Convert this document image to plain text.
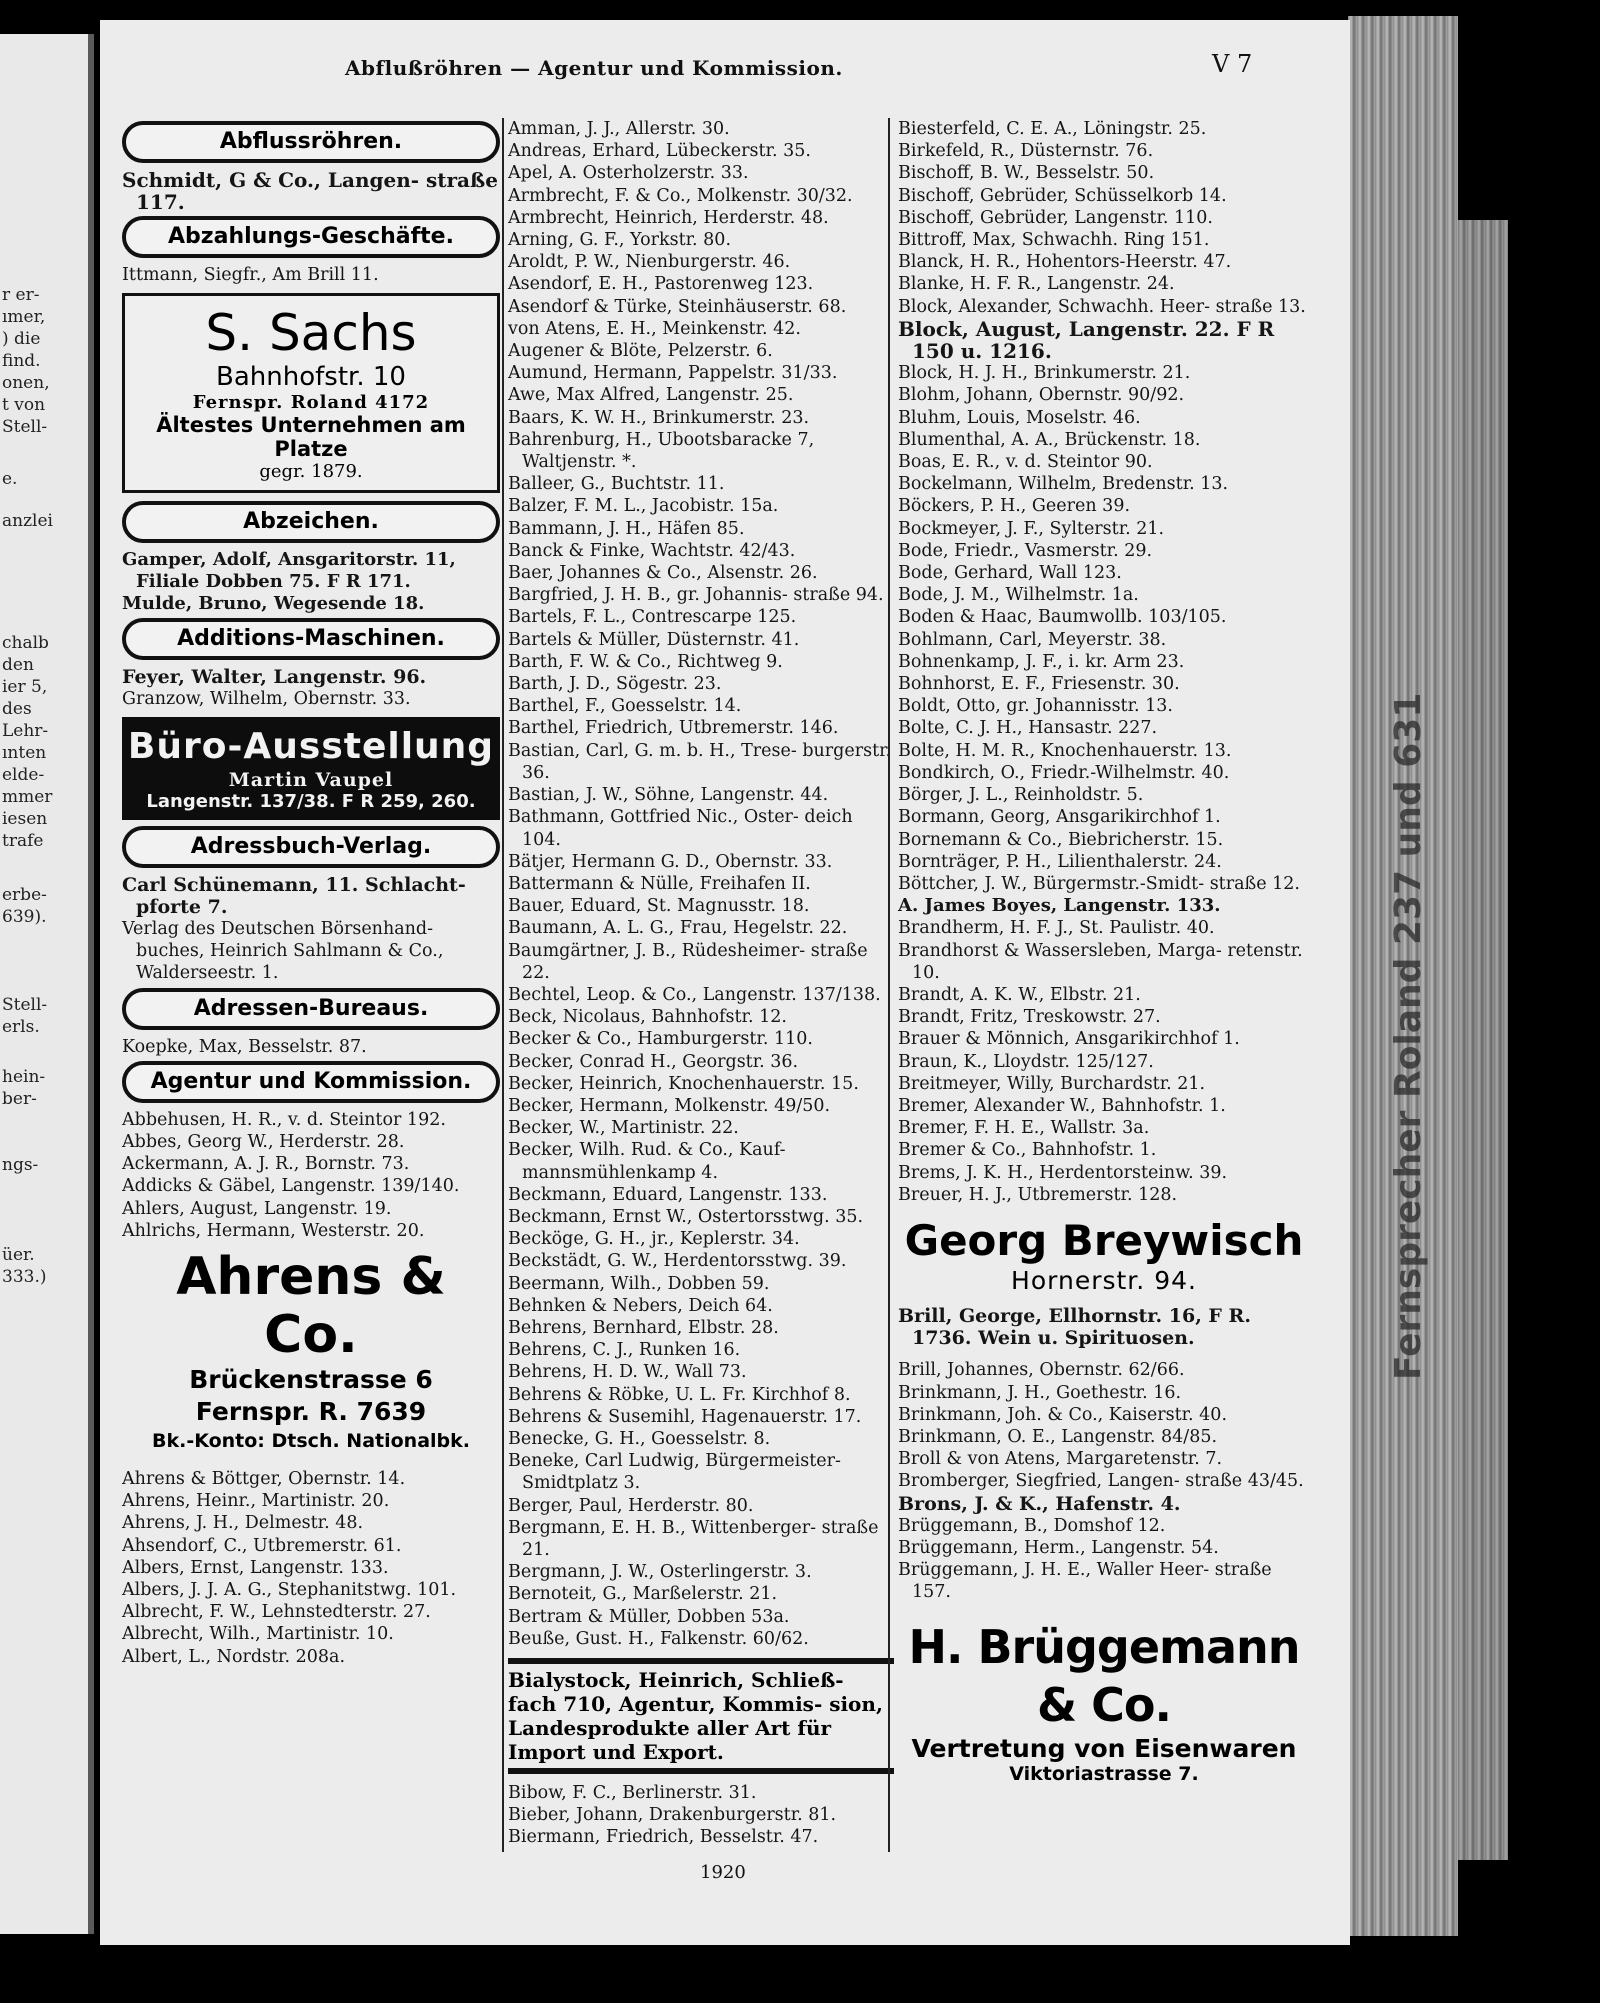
r er-
ımer,
) die
find.
onen,
t von
Stell-
e.
anzlei
chalb
den
ier 5,
des
Lehr-
ınten
elde-
mmer
iesen
trafe
erbe-
639).
Stell-
erls.
hein-
ber-
ngs-
üer.
333.)	Fernsprecher Roland 237 und 631
Abflußröhren — Agentur und Kommission.	V 7
Abflussröhren.
Schmidt, G & Co., Langen- straße 117.
Abzahlungs-Geschäfte.
Ittmann, Siegfr., Am Brill 11.
S. Sachs
Bahnhofstr. 10
Fernspr. Roland 4172
Ältestes Unternehmen am Platze
gegr. 1879.
Abzeichen.
Gamper, Adolf, Ansgaritorstr. 11, Filiale Dobben 75. F R 171.
Mulde, Bruno, Wegesende 18.
Additions-Maschinen.
Feyer, Walter, Langenstr. 96.
Granzow, Wilhelm, Obernstr. 33.
Büro-Ausstellung
Martin Vaupel
Langenstr. 137/38. F R 259, 260.
Adressbuch-Verlag.
Carl Schünemann, 11. Schlacht- pforte 7.
Verlag des Deutschen Börsenhand- buches, Heinrich Sahlmann & Co., Walderseestr. 1.
Adressen-Bureaus.
Koepke, Max, Besselstr. 87.
Agentur und Kommission.
Abbehusen, H. R., v. d. Steintor 192.
Abbes, Georg W., Herderstr. 28.
Ackermann, A. J. R., Bornstr. 73.
Addicks & Gäbel, Langenstr. 139/140.
Ahlers, August, Langenstr. 19.
Ahlrichs, Hermann, Westerstr. 20.
Ahrens & Co.
Brückenstrasse 6
Fernspr. R. 7639
Bk.-Konto: Dtsch. Nationalbk.
Ahrens & Böttger, Obernstr. 14.
Ahrens, Heinr., Martinistr. 20.
Ahrens, J. H., Delmestr. 48.
Ahsendorf, C., Utbremerstr. 61.
Albers, Ernst, Langenstr. 133.
Albers, J. J. A. G., Stephanitstwg. 101.
Albrecht, F. W., Lehnstedterstr. 27.
Albrecht, Wilh., Martinistr. 10.
Albert, L., Nordstr. 208a.
Amman, J. J., Allerstr. 30.
Andreas, Erhard, Lübeckerstr. 35.
Apel, A. Osterholzerstr. 33.
Armbrecht, F. & Co., Molkenstr. 30/32.
Armbrecht, Heinrich, Herderstr. 48.
Arning, G. F., Yorkstr. 80.
Aroldt, P. W., Nienburgerstr. 46.
Asendorf, E. H., Pastorenweg 123.
Asendorf & Türke, Steinhäuserstr. 68.
von Atens, E. H., Meinkenstr. 42.
Augener & Blöte, Pelzerstr. 6.
Aumund, Hermann, Pappelstr. 31/33.
Awe, Max Alfred, Langenstr. 25.
Baars, K. W. H., Brinkumerstr. 23.
Bahrenburg, H., Ubootsbaracke 7, Waltjenstr. *.
Balleer, G., Buchtstr. 11.
Balzer, F. M. L., Jacobistr. 15a.
Bammann, J. H., Häfen 85.
Banck & Finke, Wachtstr. 42/43.
Baer, Johannes & Co., Alsenstr. 26.
Bargfried, J. H. B., gr. Johannis- straße 94.
Bartels, F. L., Contrescarpe 125.
Bartels & Müller, Düsternstr. 41.
Barth, F. W. & Co., Richtweg 9.
Barth, J. D., Sögestr. 23.
Barthel, F., Goesselstr. 14.
Barthel, Friedrich, Utbremerstr. 146.
Bastian, Carl, G. m. b. H., Trese- burgerstr. 36.
Bastian, J. W., Söhne, Langenstr. 44.
Bathmann, Gottfried Nic., Oster- deich 104.
Bätjer, Hermann G. D., Obernstr. 33.
Battermann & Nülle, Freihafen II.
Bauer, Eduard, St. Magnusstr. 18.
Baumann, A. L. G., Frau, Hegelstr. 22.
Baumgärtner, J. B., Rüdesheimer- straße 22.
Bechtel, Leop. & Co., Langenstr. 137/138.
Beck, Nicolaus, Bahnhofstr. 12.
Becker & Co., Hamburgerstr. 110.
Becker, Conrad H., Georgstr. 36.
Becker, Heinrich, Knochenhauerstr. 15.
Becker, Hermann, Molkenstr. 49/50.
Becker, W., Martinistr. 22.
Becker, Wilh. Rud. & Co., Kauf- mannsmühlenkamp 4.
Beckmann, Eduard, Langenstr. 133.
Beckmann, Ernst W., Ostertorsstwg. 35.
Becköge, G. H., jr., Keplerstr. 34.
Beckstädt, G. W., Herdentorsstwg. 39.
Beermann, Wilh., Dobben 59.
Behnken & Nebers, Deich 64.
Behrens, Bernhard, Elbstr. 28.
Behrens, C. J., Runken 16.
Behrens, H. D. W., Wall 73.
Behrens & Röbke, U. L. Fr. Kirchhof 8.
Behrens & Susemihl, Hagenauerstr. 17.
Benecke, G. H., Goesselstr. 8.
Beneke, Carl Ludwig, Bürgermeister- Smidtplatz 3.
Berger, Paul, Herderstr. 80.
Bergmann, E. H. B., Wittenberger- straße 21.
Bergmann, J. W., Osterlingerstr. 3.
Bernoteit, G., Marßelerstr. 21.
Bertram & Müller, Dobben 53a.
Beuße, Gust. H., Falkenstr. 60/62.
Bialystock, Heinrich, Schließ- fach 710, Agentur, Kommis- sion, Landesprodukte aller Art für Import und Export.
Bibow, F. C., Berlinerstr. 31.
Bieber, Johann, Drakenburgerstr. 81.
Biermann, Friedrich, Besselstr. 47.
Biesterfeld, C. E. A., Löningstr. 25.
Birkefeld, R., Düsternstr. 76.
Bischoff, B. W., Besselstr. 50.
Bischoff, Gebrüder, Schüsselkorb 14.
Bischoff, Gebrüder, Langenstr. 110.
Bittroff, Max, Schwachh. Ring 151.
Blanck, H. R., Hohentors-Heerstr. 47.
Blanke, H. F. R., Langenstr. 24.
Block, Alexander, Schwachh. Heer- straße 13.
Block, August, Langenstr. 22. F R 150 u. 1216.
Block, H. J. H., Brinkumerstr. 21.
Blohm, Johann, Obernstr. 90/92.
Bluhm, Louis, Moselstr. 46.
Blumenthal, A. A., Brückenstr. 18.
Boas, E. R., v. d. Steintor 90.
Bockelmann, Wilhelm, Bredenstr. 13.
Böckers, P. H., Geeren 39.
Bockmeyer, J. F., Sylterstr. 21.
Bode, Friedr., Vasmerstr. 29.
Bode, Gerhard, Wall 123.
Bode, J. M., Wilhelmstr. 1a.
Boden & Haac, Baumwollb. 103/105.
Bohlmann, Carl, Meyerstr. 38.
Bohnenkamp, J. F., i. kr. Arm 23.
Bohnhorst, E. F., Friesenstr. 30.
Boldt, Otto, gr. Johannisstr. 13.
Bolte, C. J. H., Hansastr. 227.
Bolte, H. M. R., Knochenhauerstr. 13.
Bondkirch, O., Friedr.-Wilhelmstr. 40.
Börger, J. L., Reinholdstr. 5.
Bormann, Georg, Ansgarikirchhof 1.
Bornemann & Co., Biebricherstr. 15.
Bornträger, P. H., Lilienthalerstr. 24.
Böttcher, J. W., Bürgermstr.-Smidt- straße 12.
A. James Boyes, Langenstr. 133.
Brandherm, H. F. J., St. Paulistr. 40.
Brandhorst & Wassersleben, Marga- retenstr. 10.
Brandt, A. K. W., Elbstr. 21.
Brandt, Fritz, Treskowstr. 27.
Brauer & Mönnich, Ansgarikirchhof 1.
Braun, K., Lloydstr. 125/127.
Breitmeyer, Willy, Burchardstr. 21.
Bremer, Alexander W., Bahnhofstr. 1.
Bremer, F. H. E., Wallstr. 3a.
Bremer & Co., Bahnhofstr. 1.
Brems, J. K. H., Herdentorsteinw. 39.
Breuer, H. J., Utbremerstr. 128.
Georg Breywisch
Hornerstr. 94.
Brill, George, Ellhornstr. 16, F R. 1736. Wein u. Spirituosen.
Brill, Johannes, Obernstr. 62/66.
Brinkmann, J. H., Goethestr. 16.
Brinkmann, Joh. & Co., Kaiserstr. 40.
Brinkmann, O. E., Langenstr. 84/85.
Broll & von Atens, Margaretenstr. 7.
Bromberger, Siegfried, Langen- straße 43/45.
Brons, J. & K., Hafenstr. 4.
Brüggemann, B., Domshof 12.
Brüggemann, Herm., Langenstr. 54.
Brüggemann, J. H. E., Waller Heer- straße 157.
H. Brüggemann & Co.
Vertretung von Eisenwaren
Viktoriastrasse 7.
1920
